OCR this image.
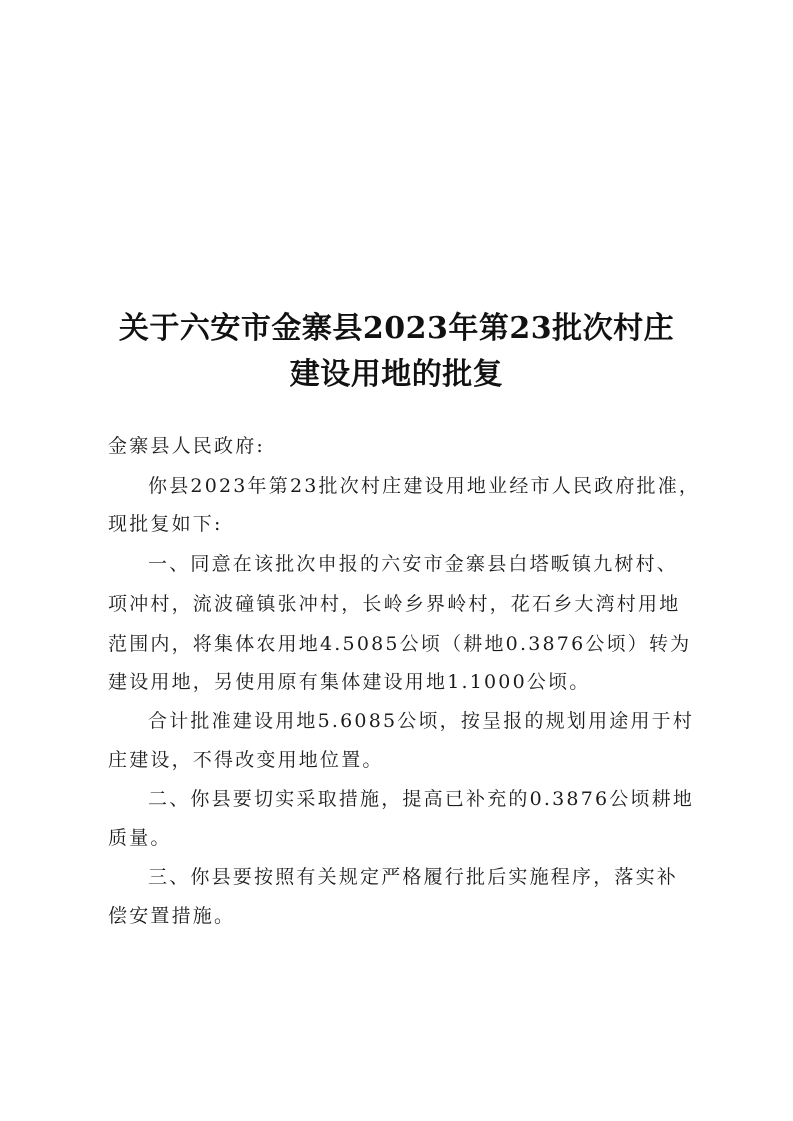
关于六安市金寨县2023年第23批次村庄
建设用地的批复
金寨县人民政府:
你县2023年第23批次村庄建设用地业经市人民政府批准，
现批复如下:
一、同意在该批次申报的六安市金寨县白塔畈镇九树村、
项冲村，流波䃥镇张冲村，长岭乡界岭村，花石乡大湾村用地
范围内，将集体农用地4.5085公顷（耕地0.3876公顷）转为
建设用地，另使用原有集体建设用地1.1000公顷。
合计批准建设用地5.6085公顷，按呈报的规划用途用于村
庄建设，不得改变用地位置。
二、你县要切实采取措施，提高已补充的0.3876公顷耕地
质量。
三、你县要按照有关规定严格履行批后实施程序，落实补
偿安置措施。
